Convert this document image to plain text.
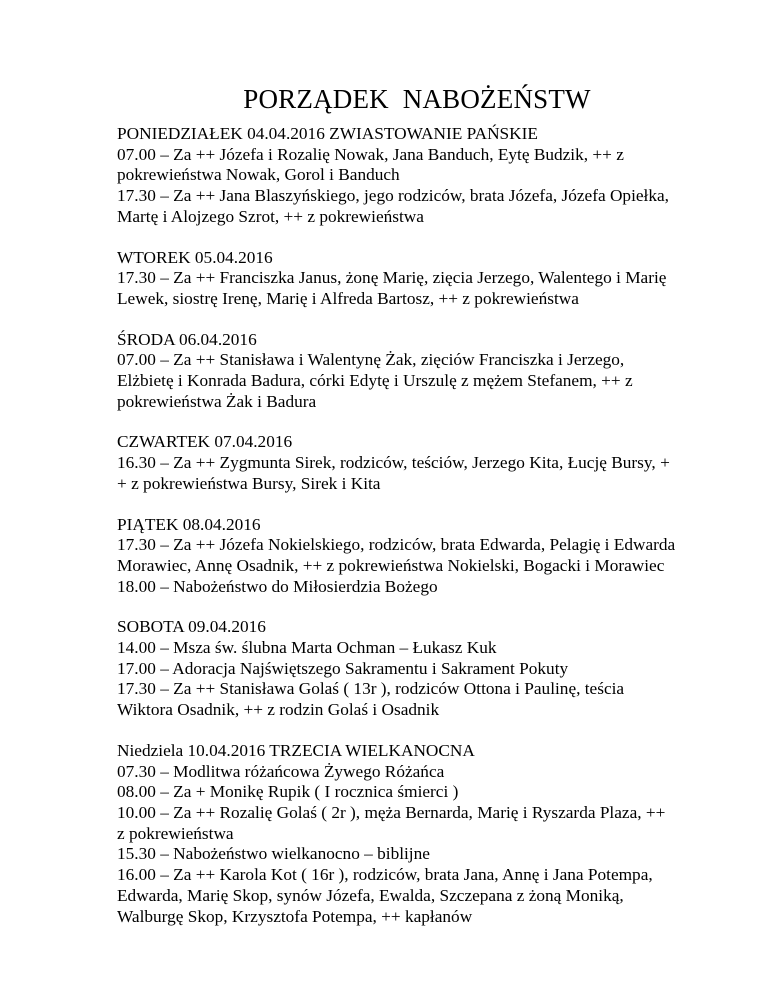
PORZĄDEK  NABOŻEŃSTW
PONIEDZIAŁEK 04.04.2016 ZWIASTOWANIE PAŃSKIE
07.00 – Za ++ Józefa i Rozalię Nowak, Jana Banduch, Eytę Budzik, ++ z
pokrewieństwa Nowak, Gorol i Banduch
17.30 – Za ++ Jana Blaszyńskiego, jego rodziców, brata Józefa, Józefa Opiełka,
Martę i Alojzego Szrot, ++ z pokrewieństwa
WTOREK 05.04.2016
17.30 – Za ++ Franciszka Janus, żonę Marię, zięcia Jerzego, Walentego i Marię
Lewek, siostrę Irenę, Marię i Alfreda Bartosz, ++ z pokrewieństwa
ŚRODA 06.04.2016
07.00 – Za ++ Stanisława i Walentynę Żak, zięciów Franciszka i Jerzego,
Elżbietę i Konrada Badura, córki Edytę i Urszulę z mężem Stefanem, ++ z
pokrewieństwa Żak i Badura
CZWARTEK 07.04.2016
16.30 – Za ++ Zygmunta Sirek, rodziców, teściów, Jerzego Kita, Łucję Bursy, +
+ z pokrewieństwa Bursy, Sirek i Kita
PIĄTEK 08.04.2016
17.30 – Za ++ Józefa Nokielskiego, rodziców, brata Edwarda, Pelagię i Edwarda
Morawiec, Annę Osadnik, ++ z pokrewieństwa Nokielski, Bogacki i Morawiec
18.00 – Nabożeństwo do Miłosierdzia Bożego
SOBOTA 09.04.2016
14.00 – Msza św. ślubna Marta Ochman – Łukasz Kuk
17.00 – Adoracja Najświętszego Sakramentu i Sakrament Pokuty
17.30 – Za ++ Stanisława Golaś ( 13r ), rodziców Ottona i Paulinę, teścia
Wiktora Osadnik, ++ z rodzin Golaś i Osadnik
Niedziela 10.04.2016 TRZECIA WIELKANOCNA
07.30 – Modlitwa różańcowa Żywego Różańca
08.00 – Za + Monikę Rupik ( I rocznica śmierci )
10.00 – Za ++ Rozalię Golaś ( 2r ), męża Bernarda, Marię i Ryszarda Plaza, ++
z pokrewieństwa
15.30 – Nabożeństwo wielkanocno – biblijne
16.00 – Za ++ Karola Kot ( 16r ), rodziców, brata Jana, Annę i Jana Potempa,
Edwarda, Marię Skop, synów Józefa, Ewalda, Szczepana z żoną Moniką,
Walburgę Skop, Krzysztofa Potempa, ++ kapłanów
